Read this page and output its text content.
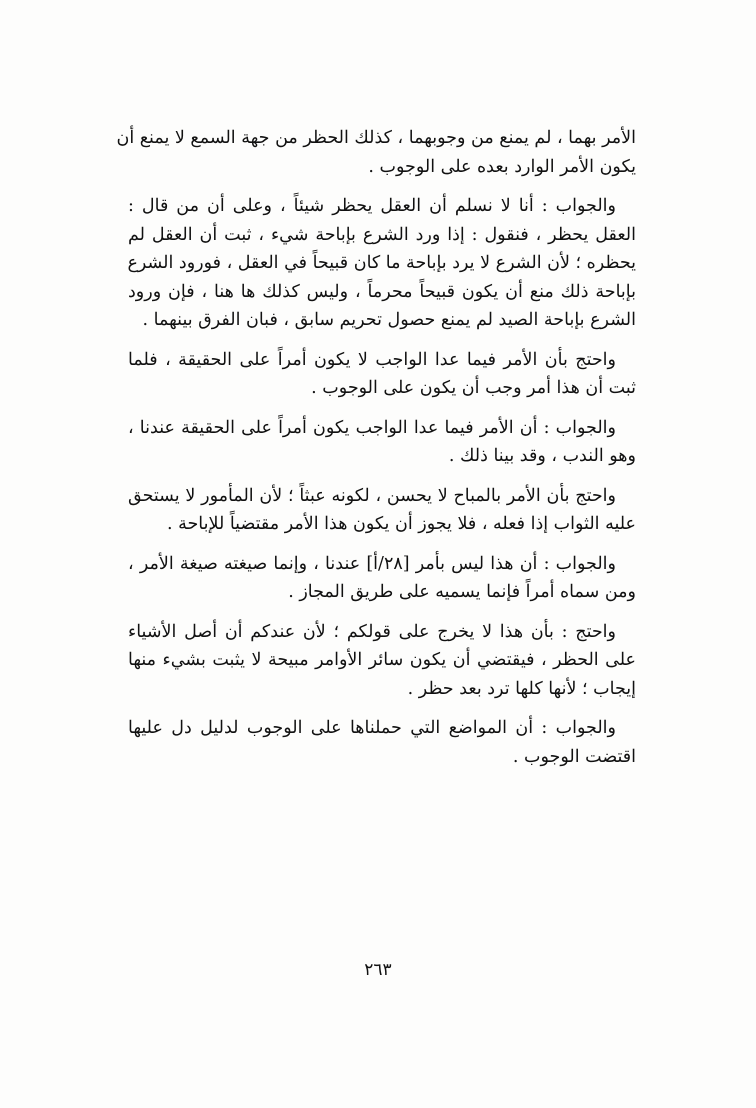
الأمر بهما ، لم يمنع من وجوبهما ، كذلك الحظر من جهة السمع لا يمنع أن
يكون الأمر الوارد بعده على الوجوب .
والجواب : أنا لا نسلم أن العقل يحظر شيئاً ، وعلى أن من قال :
العقل يحظر ، فنقول : إذا ورد الشرع بإباحة شيء ، ثبت أن العقل لم
يحظره ؛ لأن الشرع لا يرد بإباحة ما كان قبيحاً في العقل ، فورود الشرع
بإباحة ذلك منع أن يكون قبيحاً محرماً ، وليس كذلك ها هنا ، فإن ورود
الشرع بإباحة الصيد لم يمنع حصول تحريم سابق ، فبان الفرق بينهما .
واحتج بأن الأمر فيما عدا الواجب لا يكون أمراً على الحقيقة ، فلما
ثبت أن هذا أمر وجب أن يكون على الوجوب .
والجواب : أن الأمر فيما عدا الواجب يكون أمراً على الحقيقة عندنا ،
وهو الندب ، وقد بينا ذلك .
واحتج بأن الأمر بالمباح لا يحسن ، لكونه عبثاً ؛ لأن المأمور لا يستحق
عليه الثواب إذا فعله ، فلا يجوز أن يكون هذا الأمر مقتضياً للإباحة .
والجواب : أن هذا ليس بأمر [٢٨/أ] عندنا ، وإنما صيغته صيغة الأمر ،
ومن سماه أمراً فإنما يسميه على طريق المجاز .
واحتج : بأن هذا لا يخرج على قولكم ؛ لأن عندكم أن أصل الأشياء
على الحظر ، فيقتضي أن يكون سائر الأوامر مبيحة لا يثبت بشيء منها
إيجاب ؛ لأنها كلها ترد بعد حظر .
والجواب : أن المواضع التي حملناها على الوجوب لدليل دل عليها
اقتضت الوجوب .
٢٦٣
